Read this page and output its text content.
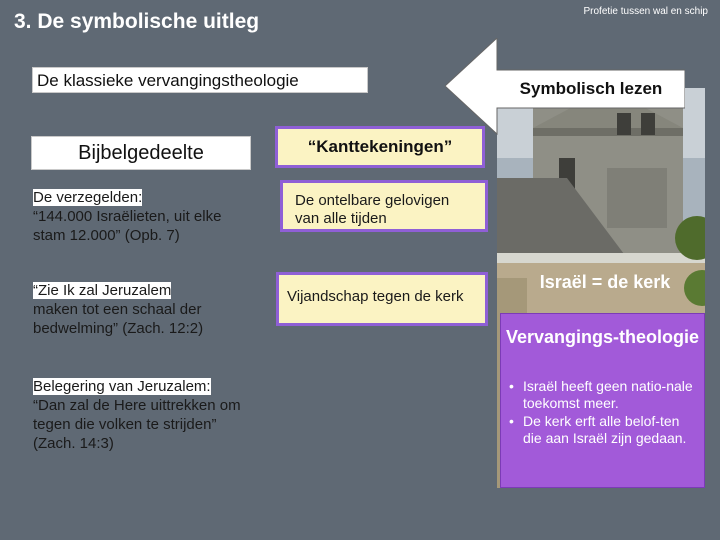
3. De symbolische uitleg	Profetie tussen wal en schip
De klassieke vervangingstheologie	Symbolisch lezen
Bijbelgedeelte
De verzegelden:
“144.000 Israëlieten, uit elke stam 12.000” (Opb. 7)
“Zie Ik zal Jeruzalem
maken tot een schaal der bedwelming” (Zach. 12:2)
Belegering van Jeruzalem:
“Dan zal de Here uittrekken om tegen die volken te strijden” (Zach. 14:3)
“Kanttekeningen”
De ontelbare gelovigen van alle tijden
Vijandschap tegen de kerk
Israël = de kerk
Vervangings-theologie
• Israël heeft geen natio-nale toekomst meer.
• De kerk erft alle belof-ten die aan Israël zijn gedaan.
